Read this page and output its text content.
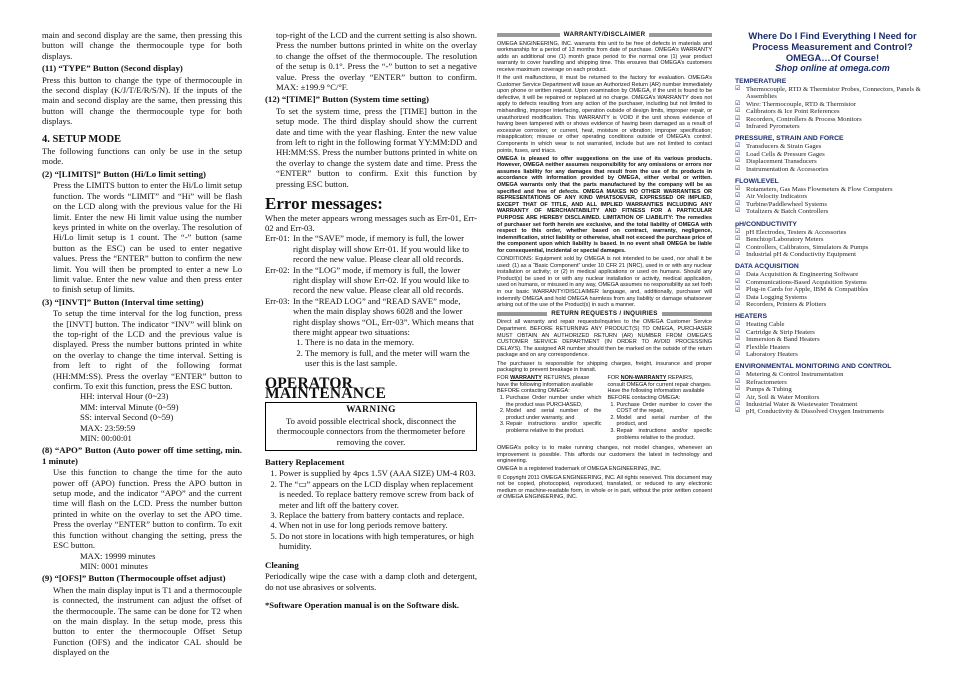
main and second display are the same, then pressing this button will change the thermocouple type for both displays.

(11) “TYPE” Button (Second display)

Press this button to change the type of thermocouple in the second display (K/J/T/E/R/S/N). If the inputs of the main and second display are the same, then pressing this button will change the thermocouple type for both displays.

4. SETUP MODE

The following functions can only be use in the setup mode.

(2) “[LIMITS]” Button (Hi/Lo limit setting)

Press the LIMITS button to enter the Hi/Lo limit setup function. The words “LIMIT” and “Hi” will be flash on the LCD along with the previous value for the Hi limit. Enter the new Hi limit value using the number keys printed in white on the overlay. The resolution of Hi/Lo limit setup is 1 count. The “-” button (same button as the ESC) can be used to enter negative values. Press the “ENTER” button to confirm the new limit. You will then be prompted to enter a new Lo limit value. Enter the new value and then press enter to finish setup of limits.

(3) “[INVT]” Button (Interval time setting)

To setup the time interval for the log function, press the [INVT] button. The indicator “INV” will blink on the top-right of the LCD and the previous value is displayed. Press the number buttons printed in white on the overlay to change the time interval. Setting is from left to right of the following format (HH:MM:SS). Press the overlay “ENTER” button to confirm. To exit this function, press the ESC button.

HH: interval Hour (0~23)
MM: interval Minute (0~59)
SS: interval Second (0~59)
MAX: 23:59:59
MIN: 00:00:01
(8) “APO” Button (Auto power off time setting, min. 1 minute)

Use this function to change the time for the auto power off (APO) function. Press the APO button in setup mode, and the indicator “APO” and the current time will flash on the LCD. Press the number button printed in white on the overlay to set the APO time. Press the overlay “ENTER” button to confirm. To exit this function without changing the setting, press the ESC button.

MAX: 19999 minutes
MIN: 0001 minutes
(9) “[OFS]” Button (Thermocouple offset adjust)

When the main display input is T1 and a thermocouple is connected, the instrument can adjust the offset of the thermocouple. The same can be done for T2 when on the main display. In the setup mode, press this button to enter the thermocouple Offset Setup Function (OFS) and the indicator CAL should be displayed on the

top-right of the LCD and the current setting is also shown. Press the number buttons printed in white on the overlay to change the offset of the thermocouple. The resolution of the setup is 0.1°. Press the “-” button to set a negative value. Press the overlay “ENTER” button to confirm. MAX: ±199.9 °C/°F.

(12) “[TIME]” Button (System time setting)

To set the system time, press the [TIME] button in the setup mode. The third display should show the current date and time with the year flashing. Enter the new value from left to right in the following format YY:MM:DD and HH:MM:SS. Press the number buttons printed in white on the overlay to change the system date and time. Press the “ENTER” button to confirm. Exit this function by pressing ESC button.

Error messages:

When the meter appears wrong messages such as Err-01, Err-02 and Err-03.

Err-01: In the “SAVE” mode, if memory is full, the lower right display will show Err-01. If you would like to record the new value. Please clear all old records.
Err-02: In the “LOG” mode, if memory is full, the lower right display will show Err-02. If you would like to record the new value. Please clear all old records.
Err-03: In the “READ LOG” and “READ SAVE” mode, when the main display shows 6028 and the lower right display shows “OL, Err-03”. Which means that there might appear two situations:
1. There is no data in the memory.
2. The memory is full, and the meter will warn the user this is the last sample.
OPERATOR MAINTENANCE
WARNING
To avoid possible electrical shock, disconnect the thermocouple connectors from the thermometer before removing the cover.
Battery Replacement
1. Power is supplied by 4pcs 1.5V (AAA SIZE) UM-4 R03.
2. The “▭” appears on the LCD display when replacement is needed. To replace battery remove screw from back of meter and lift off the battery cover.
3. Replace the battery from battery contacts and replace.
4. When not in use for long periods remove battery.
5. Do not store in locations with high temperatures, or high humidity.
Cleaning

Periodically wipe the case with a damp cloth and detergent, do not use abrasives or solvents.

*Software Operation manual is on the Software disk.

WARRANTY/DISCLAIMER

OMEGA ENGINEERING, INC. warrants this unit to be free of defects in materials and workmanship for a period of 13 months from date of purchase. OMEGA’s WARRANTY adds an additional one (1) month grace period to the normal one (1) year product warranty to cover handling and shipping time. This ensures that OMEGA’s customers receive maximum coverage on each product.

If the unit malfunctions, it must be returned to the factory for evaluation. OMEGA’s Customer Service Department will issue an Authorized Return (AR) number immediately upon phone or written request. Upon examination by OMEGA, if the unit is found to be defective, it will be repaired or replaced at no charge. OMEGA’s WARRANTY does not apply to defects resulting from any action of the purchaser, including but not limited to mishandling, improper interfacing, operation outside of design limits, improper repair, or unauthorized modification. This WARRANTY is VOID if the unit shows evidence of having been tampered with or shows evidence of having been damaged as a result of excessive corrosion; or current, heat, moisture or vibration; improper specification; misapplication; misuse or other operating conditions outside of OMEGA’s control. Components in which wear is not warranted, include but are not limited to contact points, fuses, and triacs.

OMEGA is pleased to offer suggestions on the use of its various products. However, OMEGA neither assumes responsibility for any omissions or errors nor assumes liability for any damages that result from the use of its products in accordance with information provided by OMEGA, either verbal or written. OMEGA warrants only that the parts manufactured by the company will be as specified and free of defects. OMEGA MAKES NO OTHER WARRANTIES OR REPRESENTATIONS OF ANY KIND WHATSOEVER, EXPRESSED OR IMPLIED, EXCEPT THAT OF TITLE, AND ALL IMPLIED WARRANTIES INCLUDING ANY WARRANTY OF MERCHANTABILITY AND FITNESS FOR A PARTICULAR PURPOSE ARE HEREBY DISCLAIMED. LIMITATION OF LIABILITY: The remedies of purchaser set forth herein are exclusive, and the total liability of OMEGA with respect to this order, whether based on contract, warranty, negligence, indemnification, strict liability or otherwise, shall not exceed the purchase price of the component upon which liability is based. In no event shall OMEGA be liable for consequential, incidental or special damages.

CONDITIONS: Equipment sold by OMEGA is not intended to be used, nor shall it be used: (1) as a “Basic Component” under 10 CFR 21 (NRC), used in or with any nuclear installation or activity; or (2) in medical applications or used on humans. Should any Product(s) be used in or with any nuclear installation or activity, medical application, used on humans, or misused in any way, OMEGA assumes no responsibility as set forth in our basic WARRANTY/DISCLAIMER language, and, additionally, purchaser will indemnify OMEGA and hold OMEGA harmless from any liability or damage whatsoever arising out of the use of the Product(s) in such a manner.

RETURN REQUESTS / INQUIRIES

Direct all warranty and repair requests/inquiries to the OMEGA Customer Service Department. BEFORE RETURNING ANY PRODUCT(S) TO OMEGA, PURCHASER MUST OBTAIN AN AUTHORIZED RETURN (AR) NUMBER FROM OMEGA’S CUSTOMER SERVICE DEPARTMENT (IN ORDER TO AVOID PROCESSING DELAYS). The assigned AR number should then be marked on the outside of the return package and on any correspondence.

The purchaser is responsible for shipping charges, freight, insurance and proper packaging to prevent breakage in transit.

FOR WARRANTY RETURNS, please have the following information available BEFORE contacting OMEGA:
1. Purchase Order number under which the product was PURCHASED,
2. Model and serial number of the product under warranty, and
3. Repair instructions and/or specific problems relative to the product.
FOR NON-WARRANTY REPAIRS, consult OMEGA for current repair charges. Have the following information available BEFORE contacting OMEGA:
1. Purchase Order number to cover the COST of the repair,
2. Model and serial number of the product, and
3. Repair instructions and/or specific problems relative to the product.

OMEGA’s policy is to make running changes, not model changes, whenever an improvement is possible. This affords our customers the latest in technology and engineering.

OMEGA is a registered trademark of OMEGA ENGINEERING, INC.

© Copyright 2011 OMEGA ENGINEERING, INC. All rights reserved. This document may not be copied, photocopied, reproduced, translated, or reduced to any electronic medium or machine-readable form, in whole or in part, without the prior written consent of OMEGA ENGINEERING, INC.

Where Do I Find Everything I Need for Process Measurement and Control? OMEGA…Of Course!
Shop online at omega.com
TEMPERATURE
☑ Thermocouple, RTD & Thermistor Probes, Connectors, Panels & Assemblies
☑ Wire: Thermocouple, RTD & Thermistor
☑ Calibrators & Ice Point References
☑ Recorders, Controllers & Process Monitors
☑ Infrared Pyrometers
PRESSURE, STRAIN AND FORCE
☑ Transducers & Strain Gages
☑ Load Cells & Pressure Gages
☑ Displacement Transducers
☑ Instrumentation & Accessories
FLOW/LEVEL
☑ Rotameters, Gas Mass Flowmeters & Flow Computers
☑ Air Velocity Indicators
☑ Turbine/Paddlewheel Systems
☑ Totalizers & Batch Controllers
pH/CONDUCTIVITY
☑ pH Electrodes, Testers & Accessories
☑ Benchtop/Laboratory Meters
☑ Controllers, Calibrators, Simulators & Pumps
☑ Industrial pH & Conductivity Equipment
DATA ACQUISITION
☑ Data Acquisition & Engineering Software
☑ Communications-Based Acquisition Systems
☑ Plug-in Cards for Apple, IBM & Compatibles
☑ Data Logging Systems
☑ Recorders, Printers & Plotters
HEATERS
☑ Heating Cable
☑ Cartridge & Strip Heaters
☑ Immersion & Band Heaters
☑ Flexible Heaters
☑ Laboratory Heaters
ENVIRONMENTAL MONITORING AND CONTROL
☑ Metering & Control Instrumentation
☑ Refractometers
☑ Pumps & Tubing
☑ Air, Soil & Water Monitors
☑ Industrial Water & Wastewater Treatment
☑ pH, Conductivity & Dissolved Oxygen Instruments
